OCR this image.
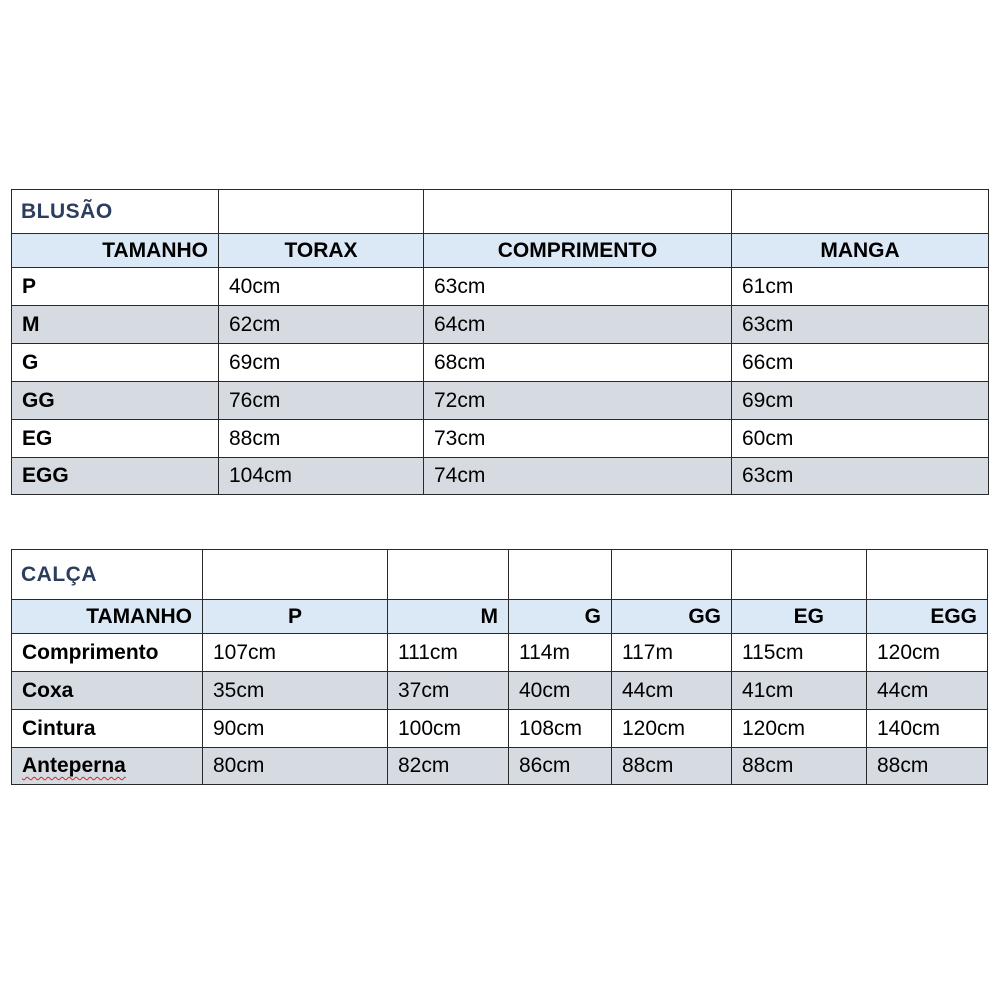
BLUSÃO			
TAMANHO	TORAX	COMPRIMENTO	MANGA
P	40cm	63cm	61cm
M	62cm	64cm	63cm
G	69cm	68cm	66cm
GG	76cm	72cm	69cm
EG	88cm	73cm	60cm
EGG	104cm	74cm	63cm
CALÇA						
TAMANHO	P	M	G	GG	EG	EGG
Comprimento	107cm	111cm	114m	117m	115cm	120cm
Coxa	35cm	37cm	40cm	44cm	41cm	44cm
Cintura	90cm	100cm	108cm	120cm	120cm	140cm
Anteperna	80cm	82cm	86cm	88cm	88cm	88cm
